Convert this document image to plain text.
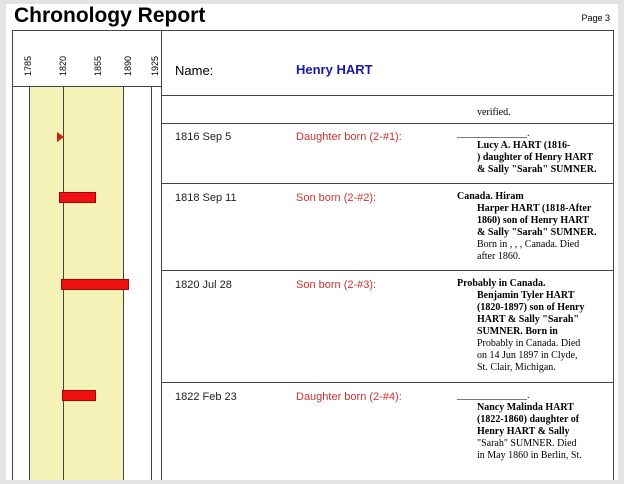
Chronology Report	Page 3
1785	1820	1855 1890 1925 Name:	Henry HART
verified.
1816 Sep 5	Daughter born (2-#1):	______________.
Lucy A. HART (1816-
) daughter of Henry HART
& Sally "Sarah" SUMNER.
1818 Sep 11	Son born (2-#2):	Canada. Hiram
Harper HART (1818-After
1860) son of Henry HART
& Sally "Sarah" SUMNER.
Born in , , , Canada. Died
after 1860.
1820 Jul 28	Son born (2-#3):	Probably in Canada.
Benjamin Tyler HART
(1820-1897) son of Henry
HART & Sally "Sarah"
SUMNER. Born in
Probably in Canada. Died
on 14 Jun 1897 in Clyde,
St. Clair, Michigan.
1822 Feb 23	Daughter born (2-#4):	______________.
Nancy Malinda HART
(1822-1860) daughter of
Henry HART & Sally
"Sarah" SUMNER. Died
in May 1860 in Berlin, St.
